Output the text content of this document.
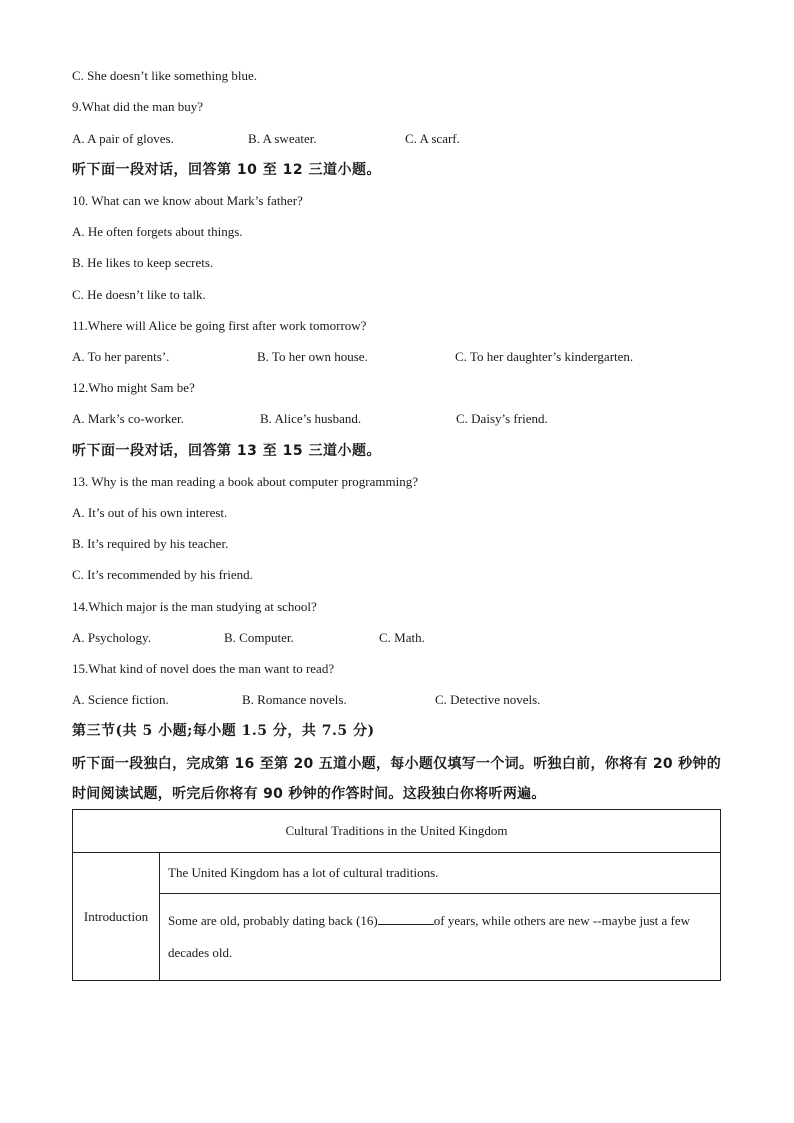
C. She doesn’t like something blue.
9.What did the man buy?
A. A pair of gloves.	B. A sweater.	C. A scarf.
听下面一段对话，回答第 10 至 12 三道小题。
10. What can we know about Mark’s father?
A. He often forgets about things.
B. He likes to keep secrets.
C. He doesn’t like to talk.
11.Where will Alice be going first after work tomorrow?
A. To her parents’.	B. To her own house.	C. To her daughter’s kindergarten.
12.Who might Sam be?
A. Mark’s co-worker.	B. Alice’s husband.	C. Daisy’s friend.
听下面一段对话，回答第 13 至 15 三道小题。
13. Why is the man reading a book about computer programming?
A. It’s out of his own interest.
B. It’s required by his teacher.
C. It’s recommended by his friend.
14.Which major is the man studying at school?
A. Psychology.	B. Computer.	C. Math.
15.What kind of novel does the man want to read?
A. Science fiction.	B. Romance novels.	C. Detective novels.
第三节(共 5 小题;每小题 1.5 分，共 7.5 分)
听下面一段独白，完成第 16 至第 20 五道小题，每小题仅填写一个词。听独白前，你将有 20 秒钟的时间阅读试题，听完后你将有 90 秒钟的作答时间。这段独白你将听两遍。
Cultural Traditions in the United Kingdom
Introduction	The United Kingdom has a lot of cultural traditions.
Some are old, probably dating back (16)	of years, while others are new --maybe just a few decades old.
